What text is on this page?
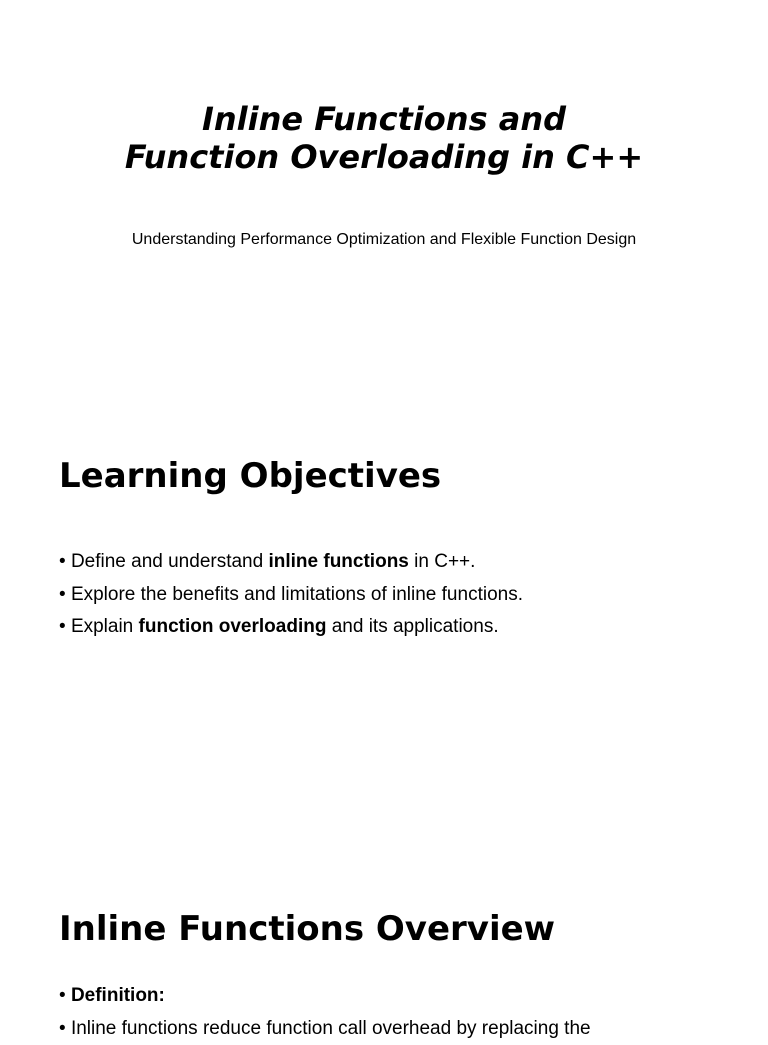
Inline Functions and
Function Overloading in C++

Understanding Performance Optimization and Flexible Function Design

Learning Objectives
• Define and understand inline functions in C++.
• Explore the benefits and limitations of inline functions.
• Explain function overloading and its applications.
Inline Functions Overview
• Definition:
• Inline functions reduce function call overhead by replacing the
